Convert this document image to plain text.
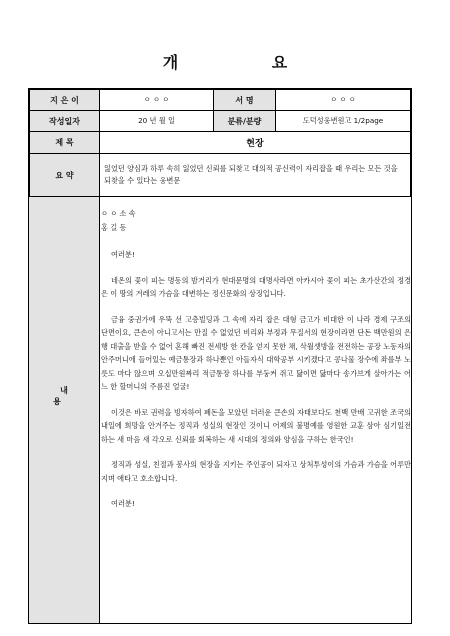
개 요
지 은 이	ㅇ ㅇ ㅇ	서 명	ㅇ ㅇ ㅇ
작성일자	20 년 월 일	분류/분량	도덕성웅변원고 1/2page
제 목	현장		
요 약	잃었던 양심과 하루 속히 잃었던 신뢰를 되찾고 대의적 공신력이 자리잡을 때 우리는 모든 것을 되찾을 수 있다는 웅변문		
내 용

ㅇ ㅇ 소 속

홍 길 동

여러분!

네온의 꽃이 피는 명동의 밤거리가 현대문명의 대명사라면 아카시아 꽃이 피는 초가산간의 정경은 이 땅의 겨레의 가슴을 대변하는 정신문화의 상징입니다.

금융 중권가에 우뚝 선 고층빌딩과 그 속에 자리 잡은 대형 금고가 비대한 이 나라 경제 구조의 단면이요, 큰손이 아니고서는 만질 수 없었던 비리와 부정과 무질서의 현장이라면 단돈 백만원의 은행 대출을 받을 수 없어 혼해 빠진 전세방 한 칸을 얻지 못한 채, 삭월셋방을 전전하는 공장 노동자의 안주머니에 들어있는 예금통장과 하나뿐인 아들자식 대학공부 시키겠다고 콩나물 장수에 좌를부 노릇도 마다 않으며 오십만원짜리 적금통장 하나를 부둥켜 쥐고 닳이면 닳마다 송가브게 살아가는 어느 한 할머니의 주름진 얼굴!

이것은 바로 권력을 빙자하여 폐돈을 모았던 더러운 큰손의 자태보다도 천백 만배 고귀한 조국의 내일에 희망을 안겨주는 정직과 성실의 현장인 것이니 어제의 불명예를 영원한 교훈 삼아 심기일전하는 새 마음 새 각오로 신뢰를 회복하는 새 시대의 정의와 양심을 구하는 한국인!

정직과 성실, 친절과 봉사의 현장을 지키는 주인공이 되자고 상처투성이의 가슴과 가슴을 어루만지며 애타고 호소합니다.

여러분!
